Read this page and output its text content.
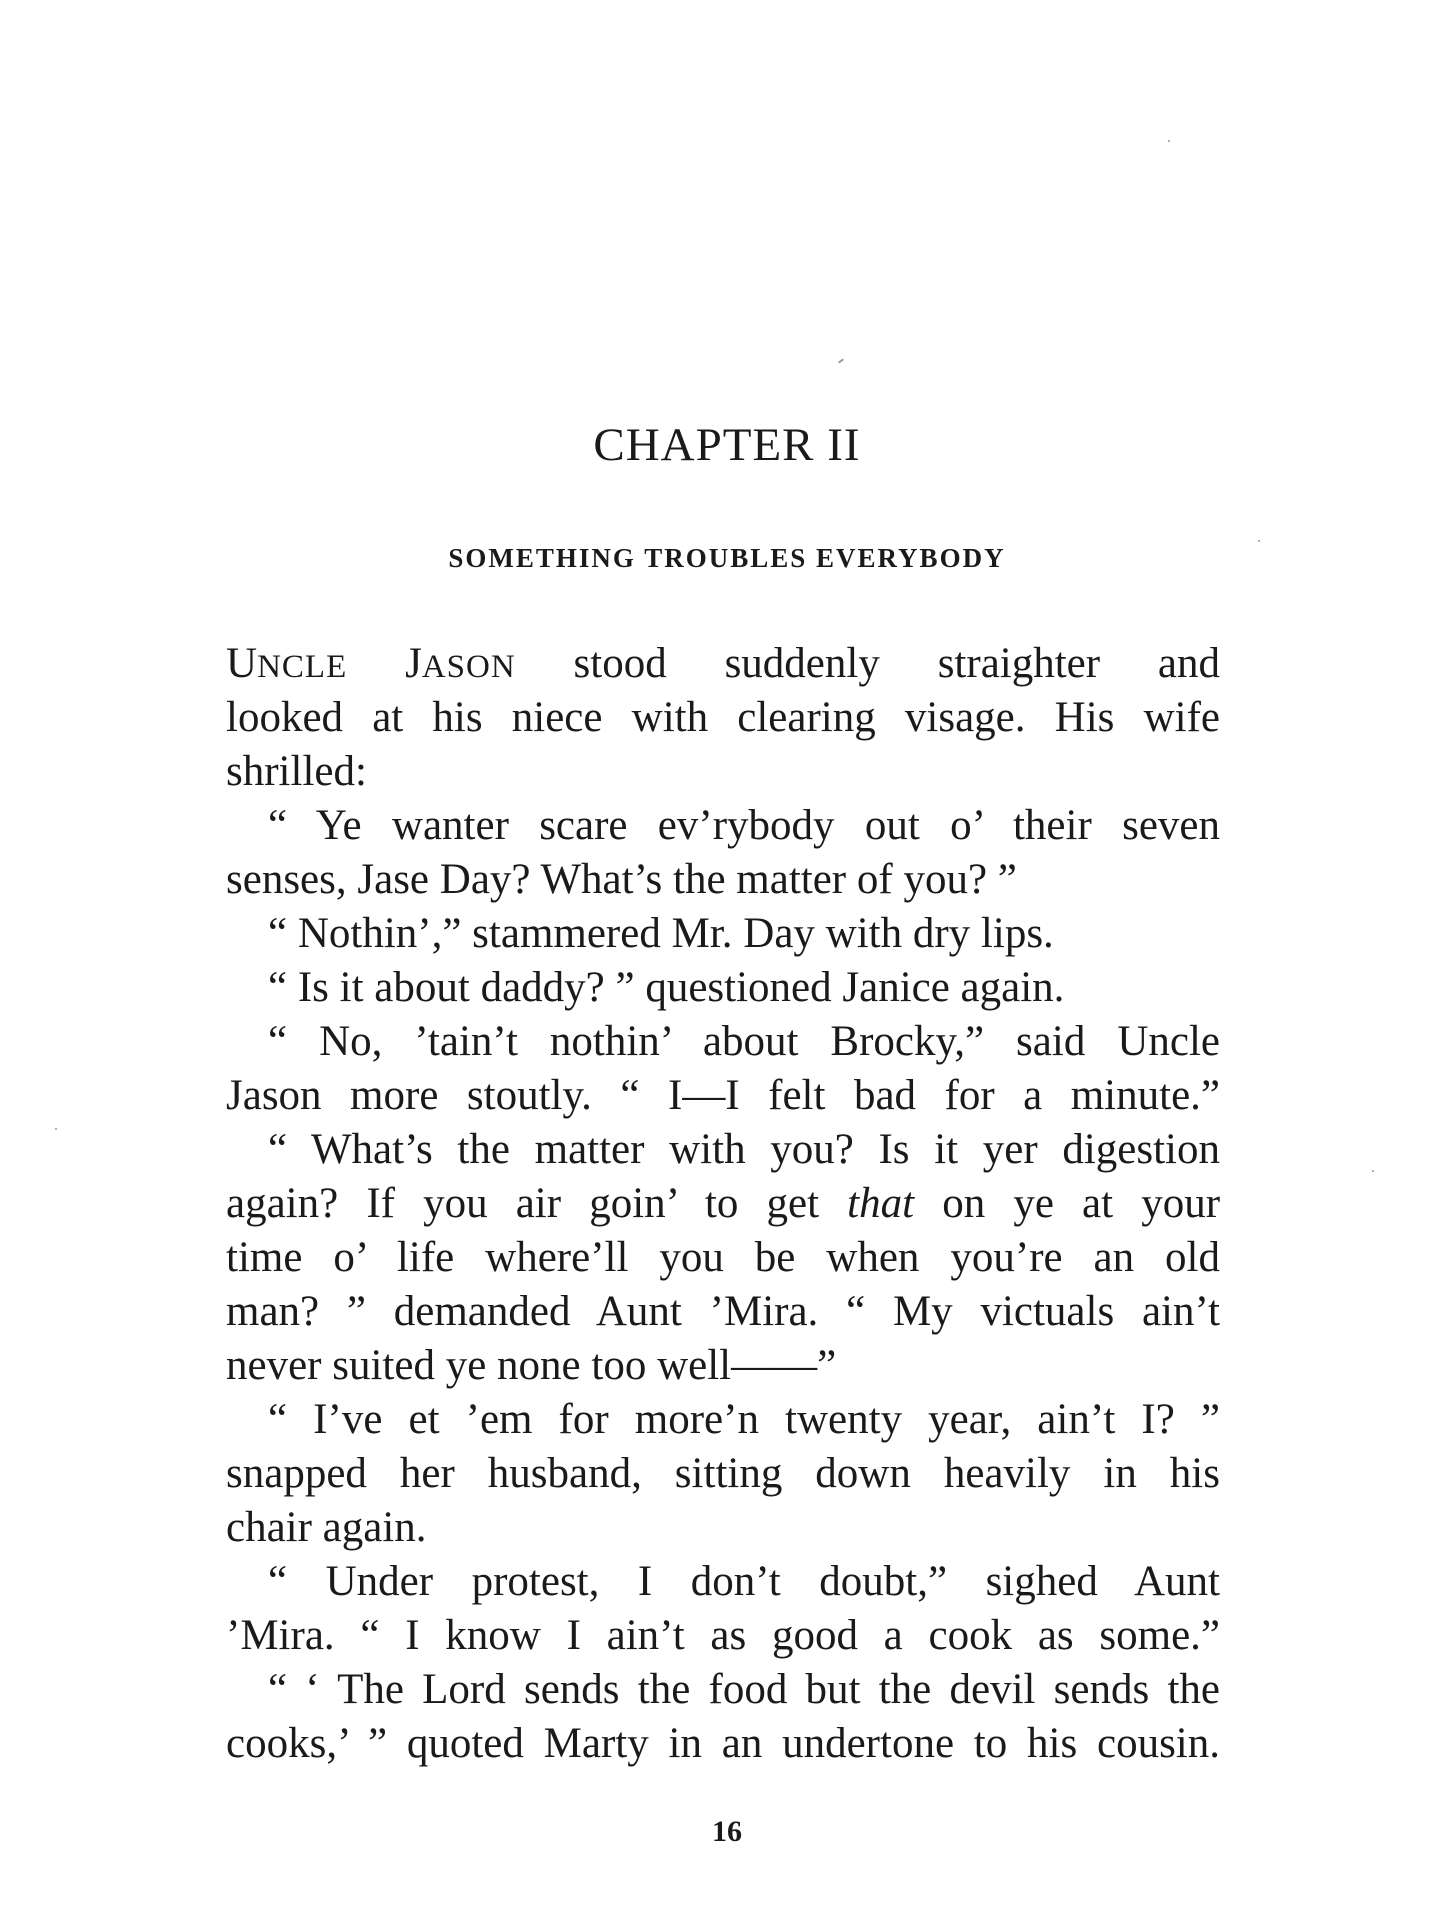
CHAPTER II
SOMETHING TROUBLES EVERYBODY
UNCLE JASON stood suddenly straighter and
looked at his niece with clearing visage. His wife
shrilled:
“ Ye wanter scare ev’rybody out o’ their seven
senses, Jase Day? What’s the matter of you? ”
“ Nothin’,” stammered Mr. Day with dry lips.
“ Is it about daddy? ” questioned Janice again.
“ No, ’tain’t nothin’ about Brocky,” said Uncle
Jason more stoutly. “ I—I felt bad for a minute.”
“ What’s the matter with you? Is it yer digestion
again? If you air goin’ to get that on ye at your
time o’ life where’ll you be when you’re an old
man? ” demanded Aunt ’Mira. “ My victuals ain’t
never suited ye none too well——”
“ I’ve et ’em for more’n twenty year, ain’t I? ”
snapped her husband, sitting down heavily in his
chair again.
“ Under protest, I don’t doubt,” sighed Aunt
’Mira. “ I know I ain’t as good a cook as some.”
“ ‘ The Lord sends the food but the devil sends the
cooks,’ ” quoted Marty in an undertone to his cousin.
16
